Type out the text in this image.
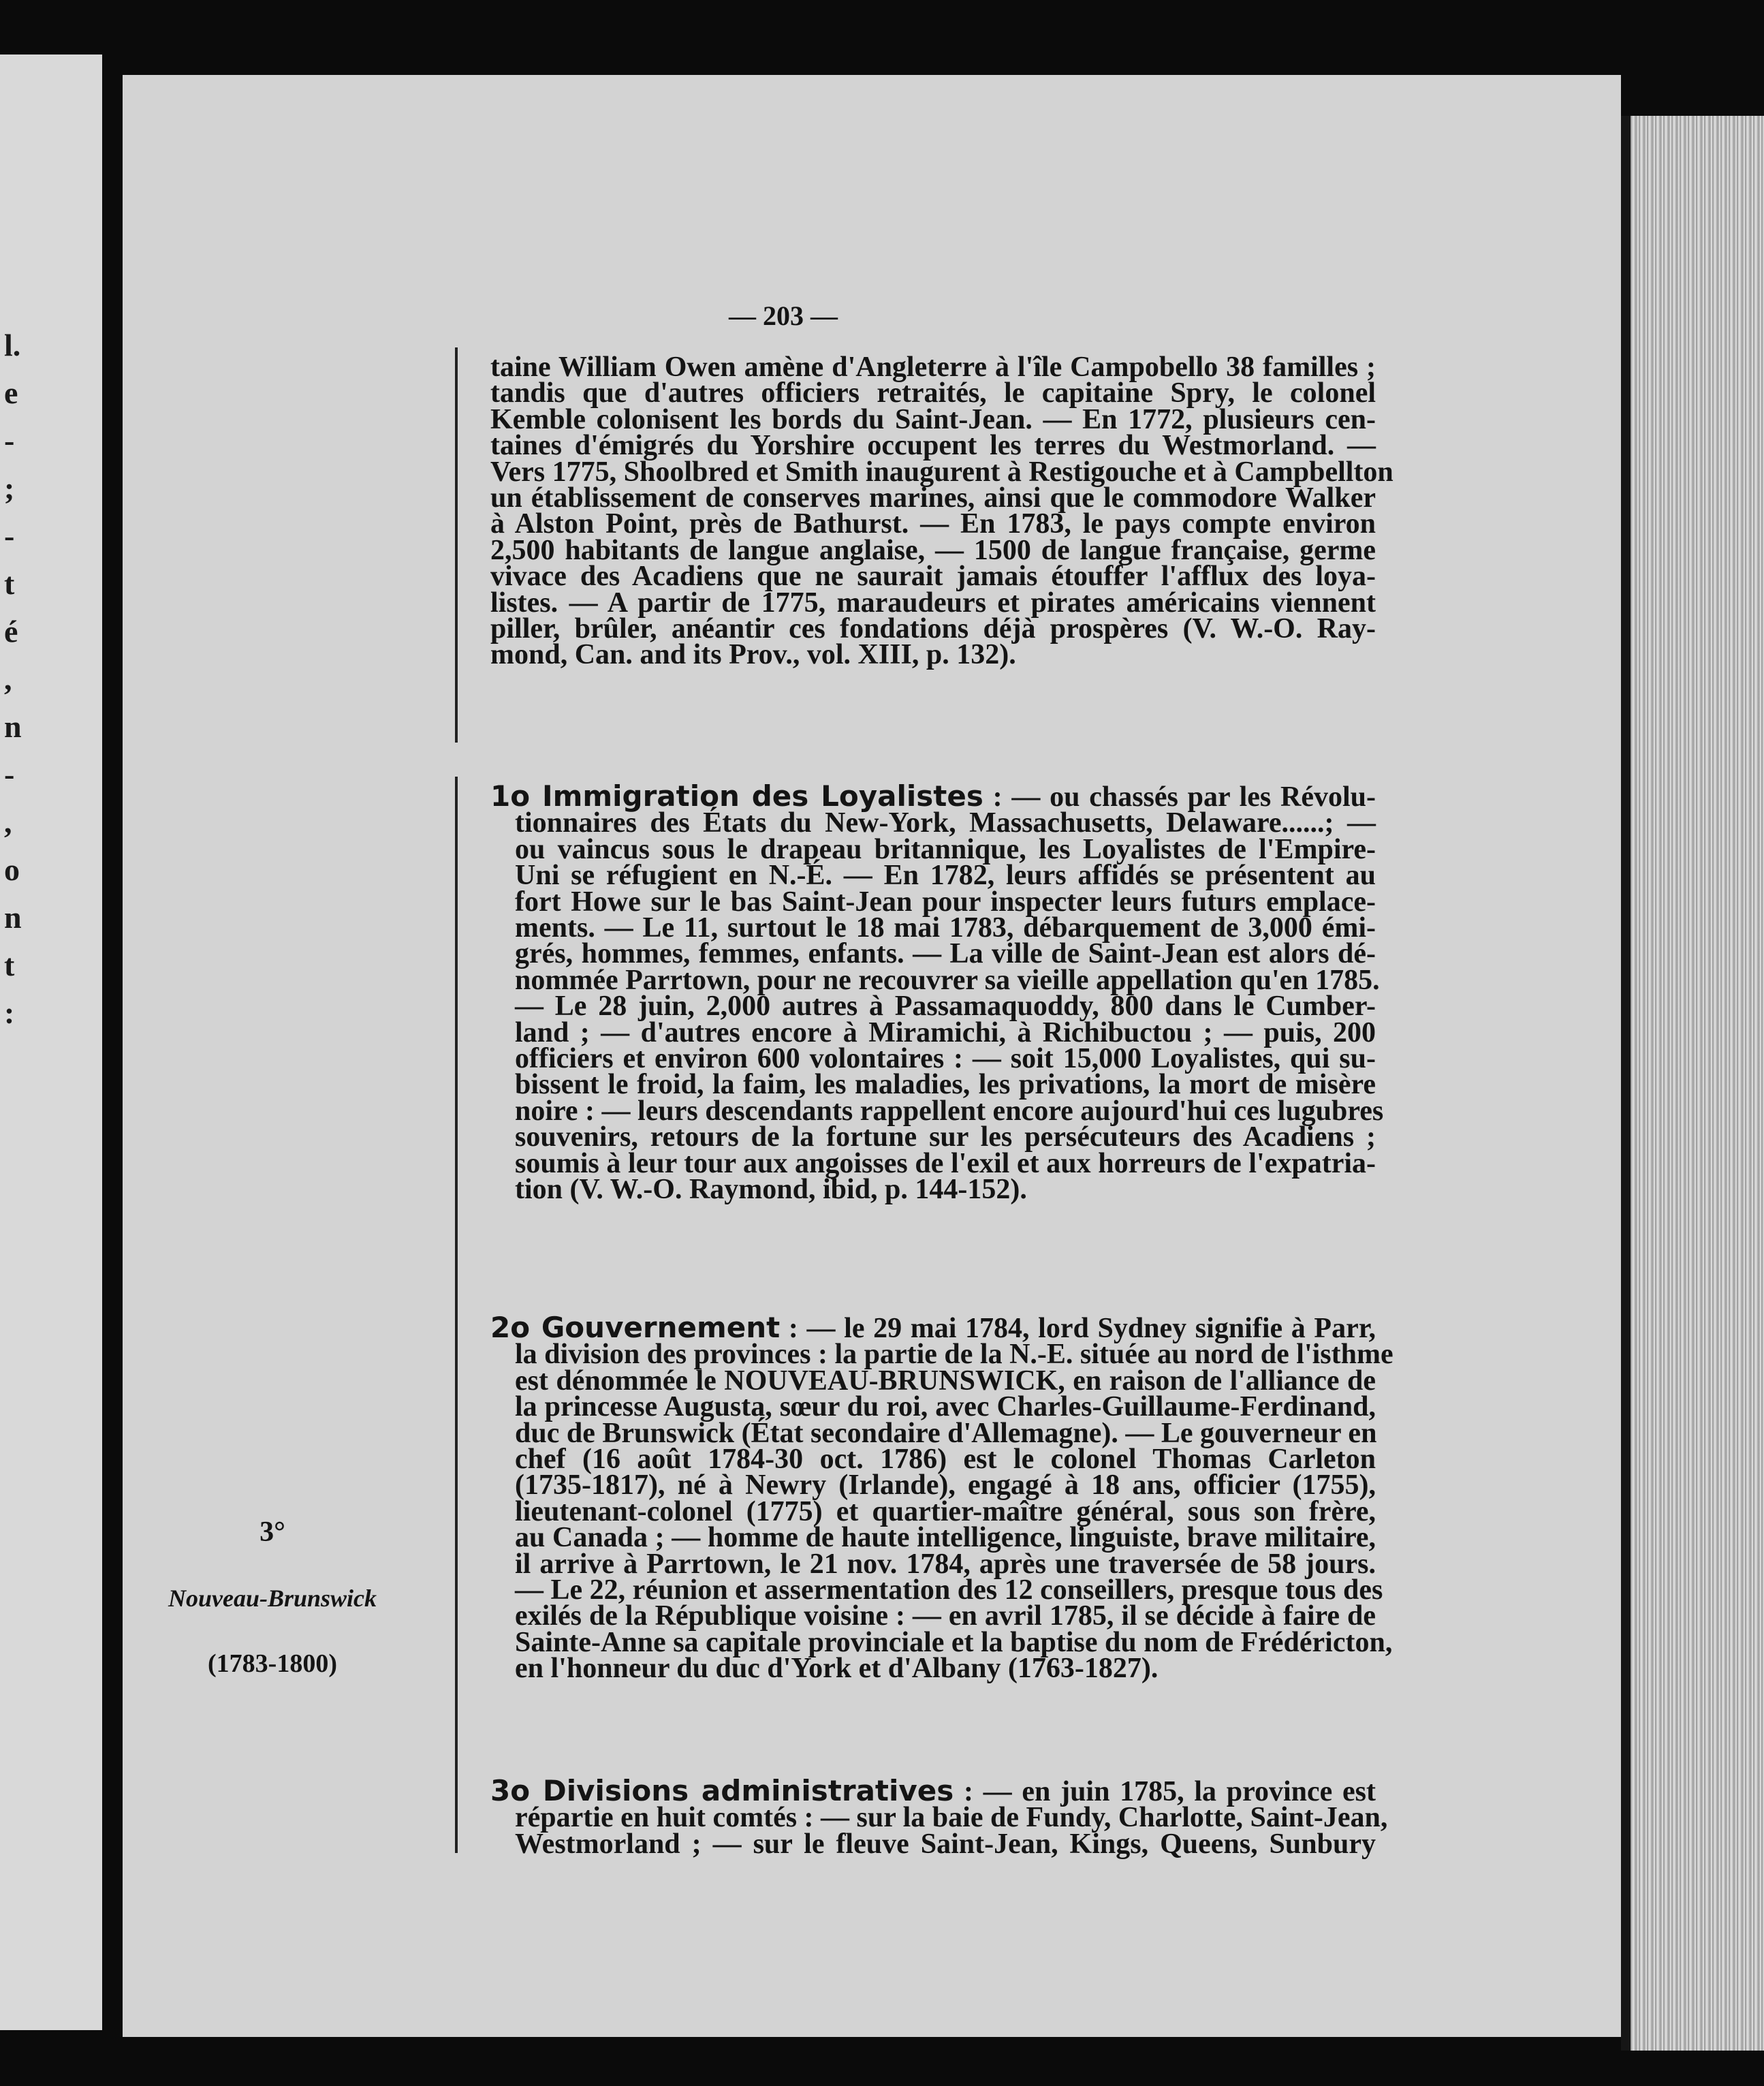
l.
e
-
;
-
t
é
,
n
-
,
o
n
t
:
— 203 —
3°
Nouveau-Brunswick
(1783-1800)
taine William Owen amène d'Angleterre à l'île Campobello 38 familles ;
tandis que d'autres officiers retraités, le capitaine Spry, le colonel
Kemble colonisent les bords du Saint-Jean. — En 1772, plusieurs cen-
taines d'émigrés du Yorshire occupent les terres du Westmorland. —
Vers 1775, Shoolbred et Smith inaugurent à Restigouche et à Campbellton
un établissement de conserves marines, ainsi que le commodore Walker
à Alston Point, près de Bathurst. — En 1783, le pays compte environ
2,500 habitants de langue anglaise, — 1500 de langue française, germe
vivace des Acadiens que ne saurait jamais étouffer l'afflux des loya-
listes. — A partir de 1775, maraudeurs et pirates américains viennent
piller, brûler, anéantir ces fondations déjà prospères (V. W.-O. Ray-
mond, Can. and its Prov., vol. XIII, p. 132).
1o Immigration des Loyalistes : — ou chassés par les Révolu-
tionnaires des États du New-York, Massachusetts, Delaware......; —
ou vaincus sous le drapeau britannique, les Loyalistes de l'Empire-
Uni se réfugient en N.-É. — En 1782, leurs affidés se présentent au
fort Howe sur le bas Saint-Jean pour inspecter leurs futurs emplace-
ments. — Le 11, surtout le 18 mai 1783, débarquement de 3,000 émi-
grés, hommes, femmes, enfants. — La ville de Saint-Jean est alors dé-
nommée Parrtown, pour ne recouvrer sa vieille appellation qu'en 1785.
— Le 28 juin, 2,000 autres à Passamaquoddy, 800 dans le Cumber-
land ; — d'autres encore à Miramichi, à Richibuctou ; — puis, 200
officiers et environ 600 volontaires : — soit 15,000 Loyalistes, qui su-
bissent le froid, la faim, les maladies, les privations, la mort de misère
noire : — leurs descendants rappellent encore aujourd'hui ces lugubres
souvenirs, retours de la fortune sur les persécuteurs des Acadiens ;
soumis à leur tour aux angoisses de l'exil et aux horreurs de l'expatria-
tion (V. W.-O. Raymond, ibid, p. 144-152).
2o Gouvernement : — le 29 mai 1784, lord Sydney signifie à Parr,
la division des provinces : la partie de la N.-E. située au nord de l'isthme
est dénommée le NOUVEAU-BRUNSWICK, en raison de l'alliance de
la princesse Augusta, sœur du roi, avec Charles-Guillaume-Ferdinand,
duc de Brunswick (État secondaire d'Allemagne). — Le gouverneur en
chef (16 août 1784-30 oct. 1786) est le colonel Thomas Carleton
(1735-1817), né à Newry (Irlande), engagé à 18 ans, officier (1755),
lieutenant-colonel (1775) et quartier-maître général, sous son frère,
au Canada ; — homme de haute intelligence, linguiste, brave militaire,
il arrive à Parrtown, le 21 nov. 1784, après une traversée de 58 jours.
— Le 22, réunion et assermentation des 12 conseillers, presque tous des
exilés de la République voisine : — en avril 1785, il se décide à faire de
Sainte-Anne sa capitale provinciale et la baptise du nom de Frédéricton,
en l'honneur du duc d'York et d'Albany (1763-1827).
3o Divisions administratives : — en juin 1785, la province est
répartie en huit comtés : — sur la baie de Fundy, Charlotte, Saint-Jean,
Westmorland ; — sur le fleuve Saint-Jean, Kings, Queens, Sunbury
